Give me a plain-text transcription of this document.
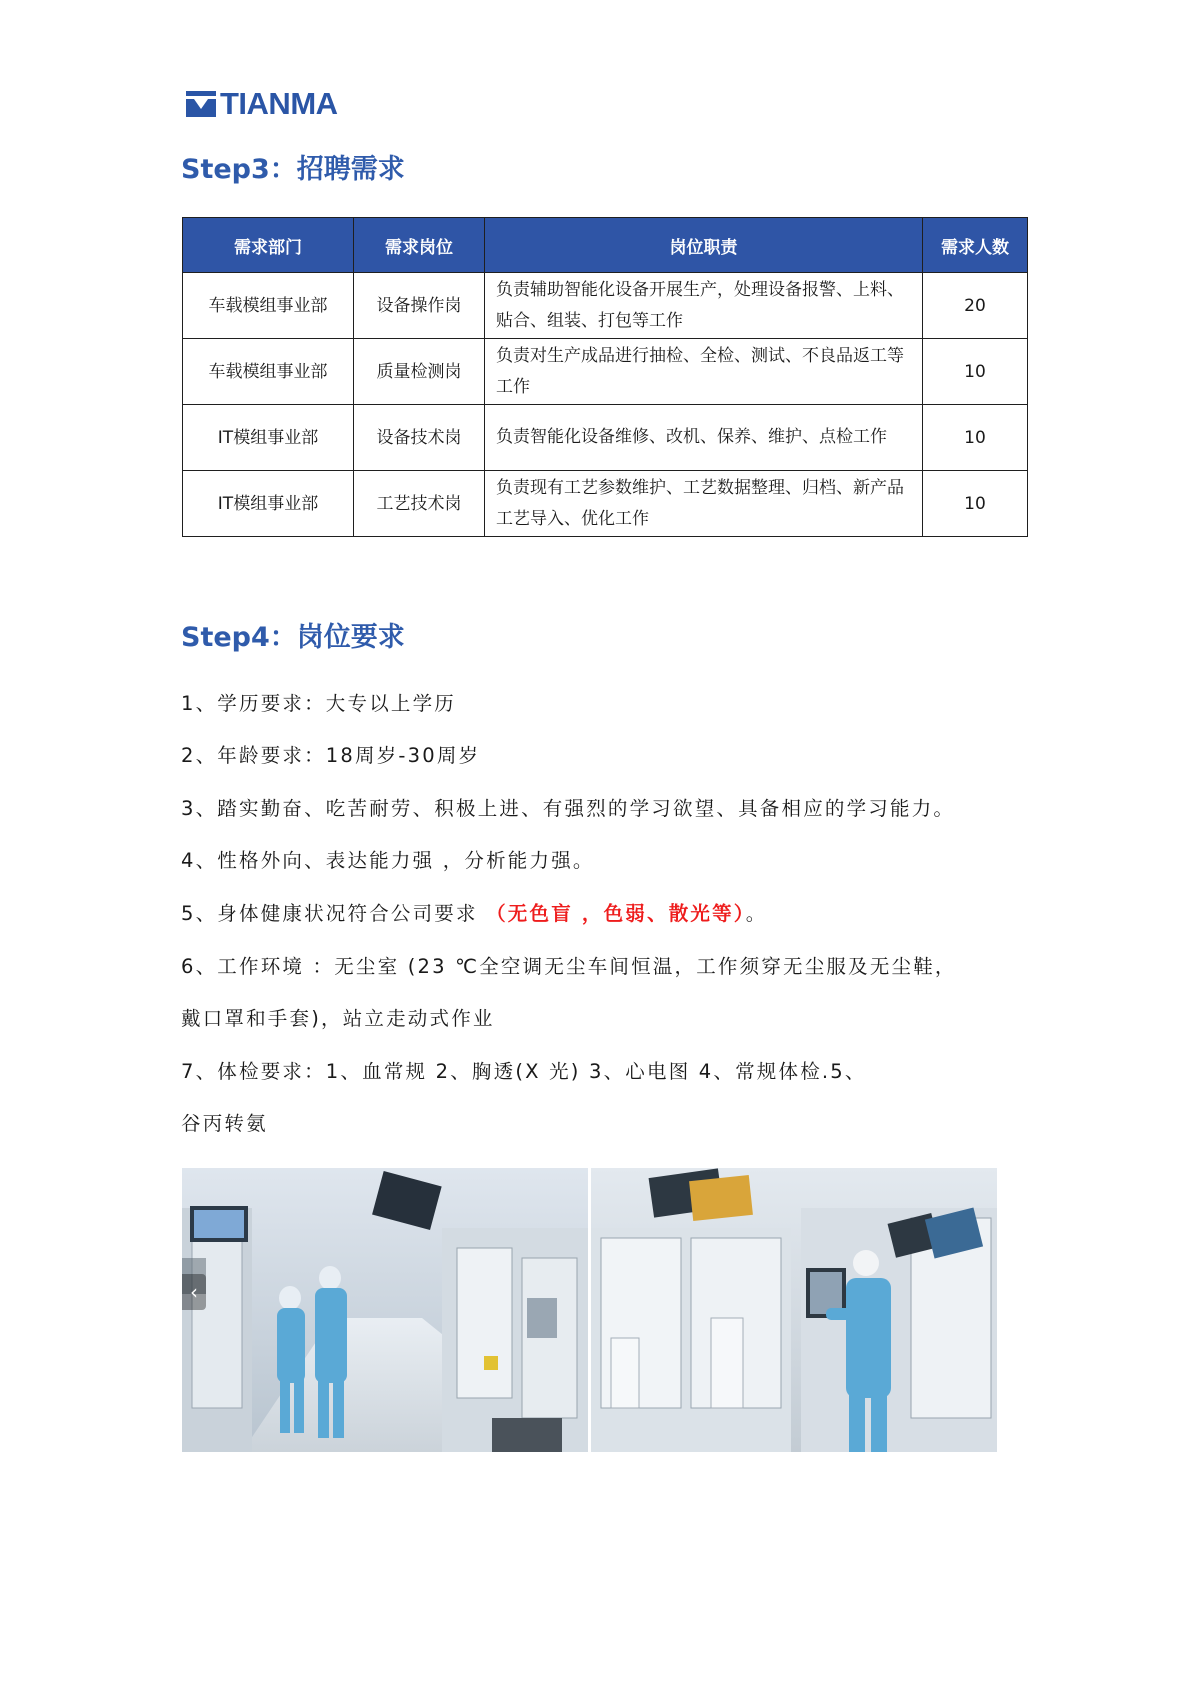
TIANMA
Step3：招聘需求
需求部门	需求岗位	岗位职责	需求人数
车载模组事业部	设备操作岗	负责辅助智能化设备开展生产，处理设备报警、上料、贴合、组装、打包等工作	20
车载模组事业部	质量检测岗	负责对生产成品进行抽检、全检、测试、不良品返工等工作	10
IT模组事业部	设备技术岗	负责智能化设备维修、改机、保养、维护、点检工作	10
IT模组事业部	工艺技术岗	负责现有工艺参数维护、工艺数据整理、归档、新产品工艺导入、优化工作	10
Step4：岗位要求
1、学历要求：大专以上学历
2、年龄要求：18周岁-30周岁
3、踏实勤奋、吃苦耐劳、积极上进、有强烈的学习欲望、具备相应的学习能力。
4、性格外向、表达能力强 ，分析能力强。
5、身体健康状况符合公司要求 （无色盲 ，色弱、散光等）。
6、工作环境 ：无尘室 (23 ℃全空调无尘车间恒温，工作须穿无尘服及无尘鞋，
戴口罩和手套)，站立走动式作业
7、体检要求：1、血常规 2、胸透(X 光) 3、心电图 4、常规体检.5、
谷丙转氨
‹
